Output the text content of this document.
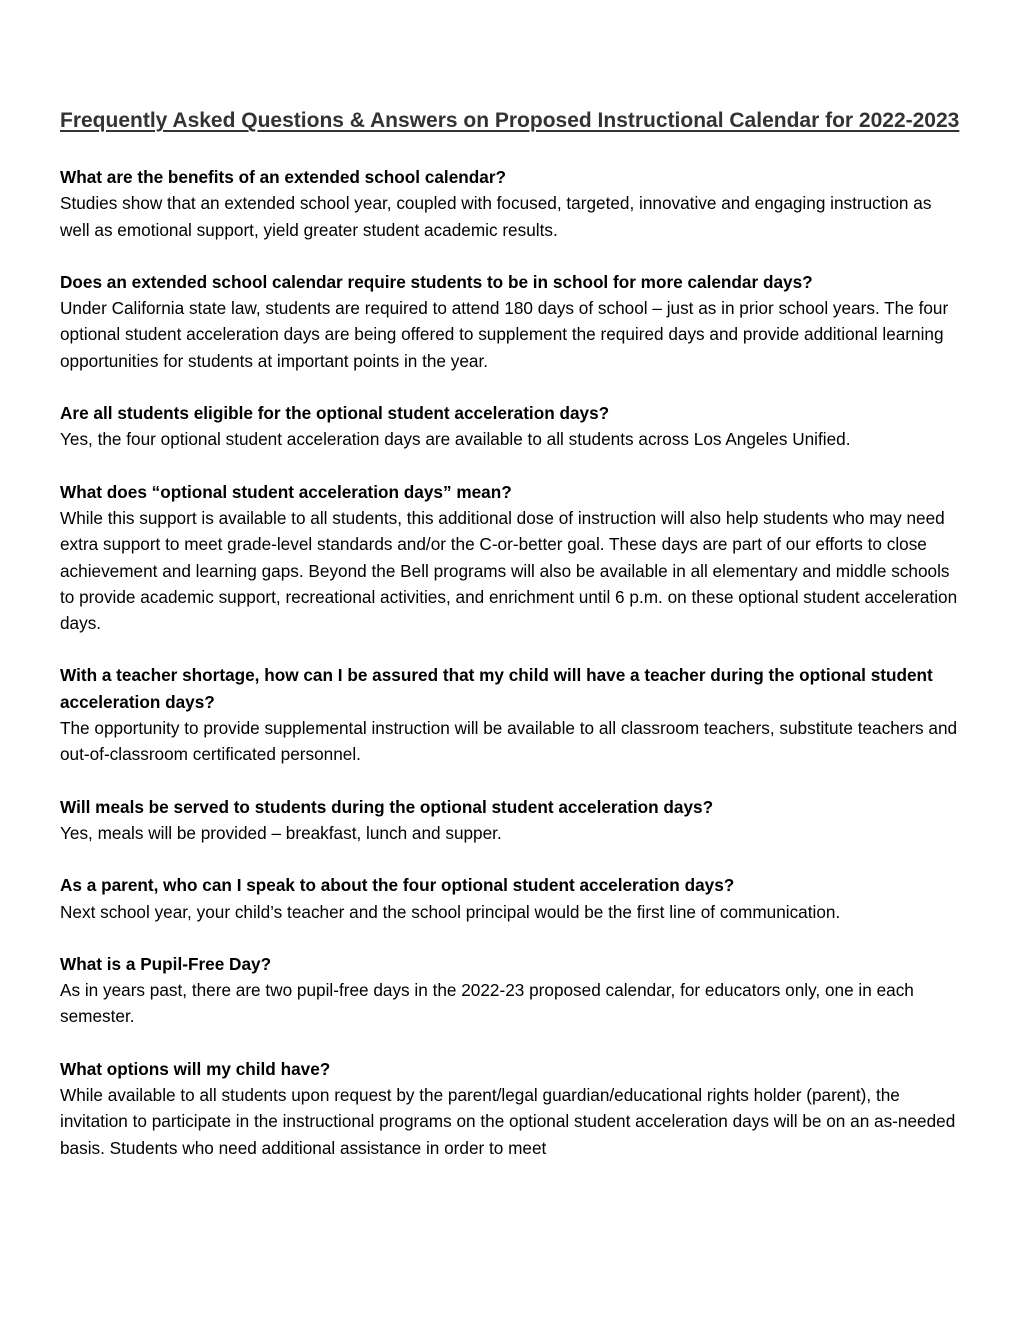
Frequently Asked Questions & Answers on Proposed Instructional Calendar for 2022-2023

What are the benefits of an extended school calendar?

Studies show that an extended school year, coupled with focused, targeted, innovative and engaging instruction as well as emotional support, yield greater student academic results.

Does an extended school calendar require students to be in school for more calendar days?

Under California state law, students are required to attend 180 days of school – just as in prior school years. The four optional student acceleration days are being offered to supplement the required days and provide additional learning opportunities for students at important points in the year.

Are all students eligible for the optional student acceleration days?

Yes, the four optional student acceleration days are available to all students across Los Angeles Unified.

What does “optional student acceleration days” mean?

While this support is available to all students, this additional dose of instruction will also help students who may need extra support to meet grade-level standards and/or the C-or-better goal. These days are part of our efforts to close achievement and learning gaps. Beyond the Bell programs will also be available in all elementary and middle schools to provide academic support, recreational activities, and enrichment until 6 p.m. on these optional student acceleration days.

With a teacher shortage, how can I be assured that my child will have a teacher during the optional student acceleration days?

The opportunity to provide supplemental instruction will be available to all classroom teachers, substitute teachers and out-of-classroom certificated personnel.

Will meals be served to students during the optional student acceleration days?

Yes, meals will be provided – breakfast, lunch and supper.

As a parent, who can I speak to about the four optional student acceleration days?

Next school year, your child’s teacher and the school principal would be the first line of communication.

What is a Pupil-Free Day?

As in years past, there are two pupil-free days in the 2022-23 proposed calendar, for educators only, one in each semester.

What options will my child have?

While available to all students upon request by the parent/legal guardian/educational rights holder (parent), the invitation to participate in the instructional programs on the optional student acceleration days will be on an as-needed basis. Students who need additional assistance in order to meet
